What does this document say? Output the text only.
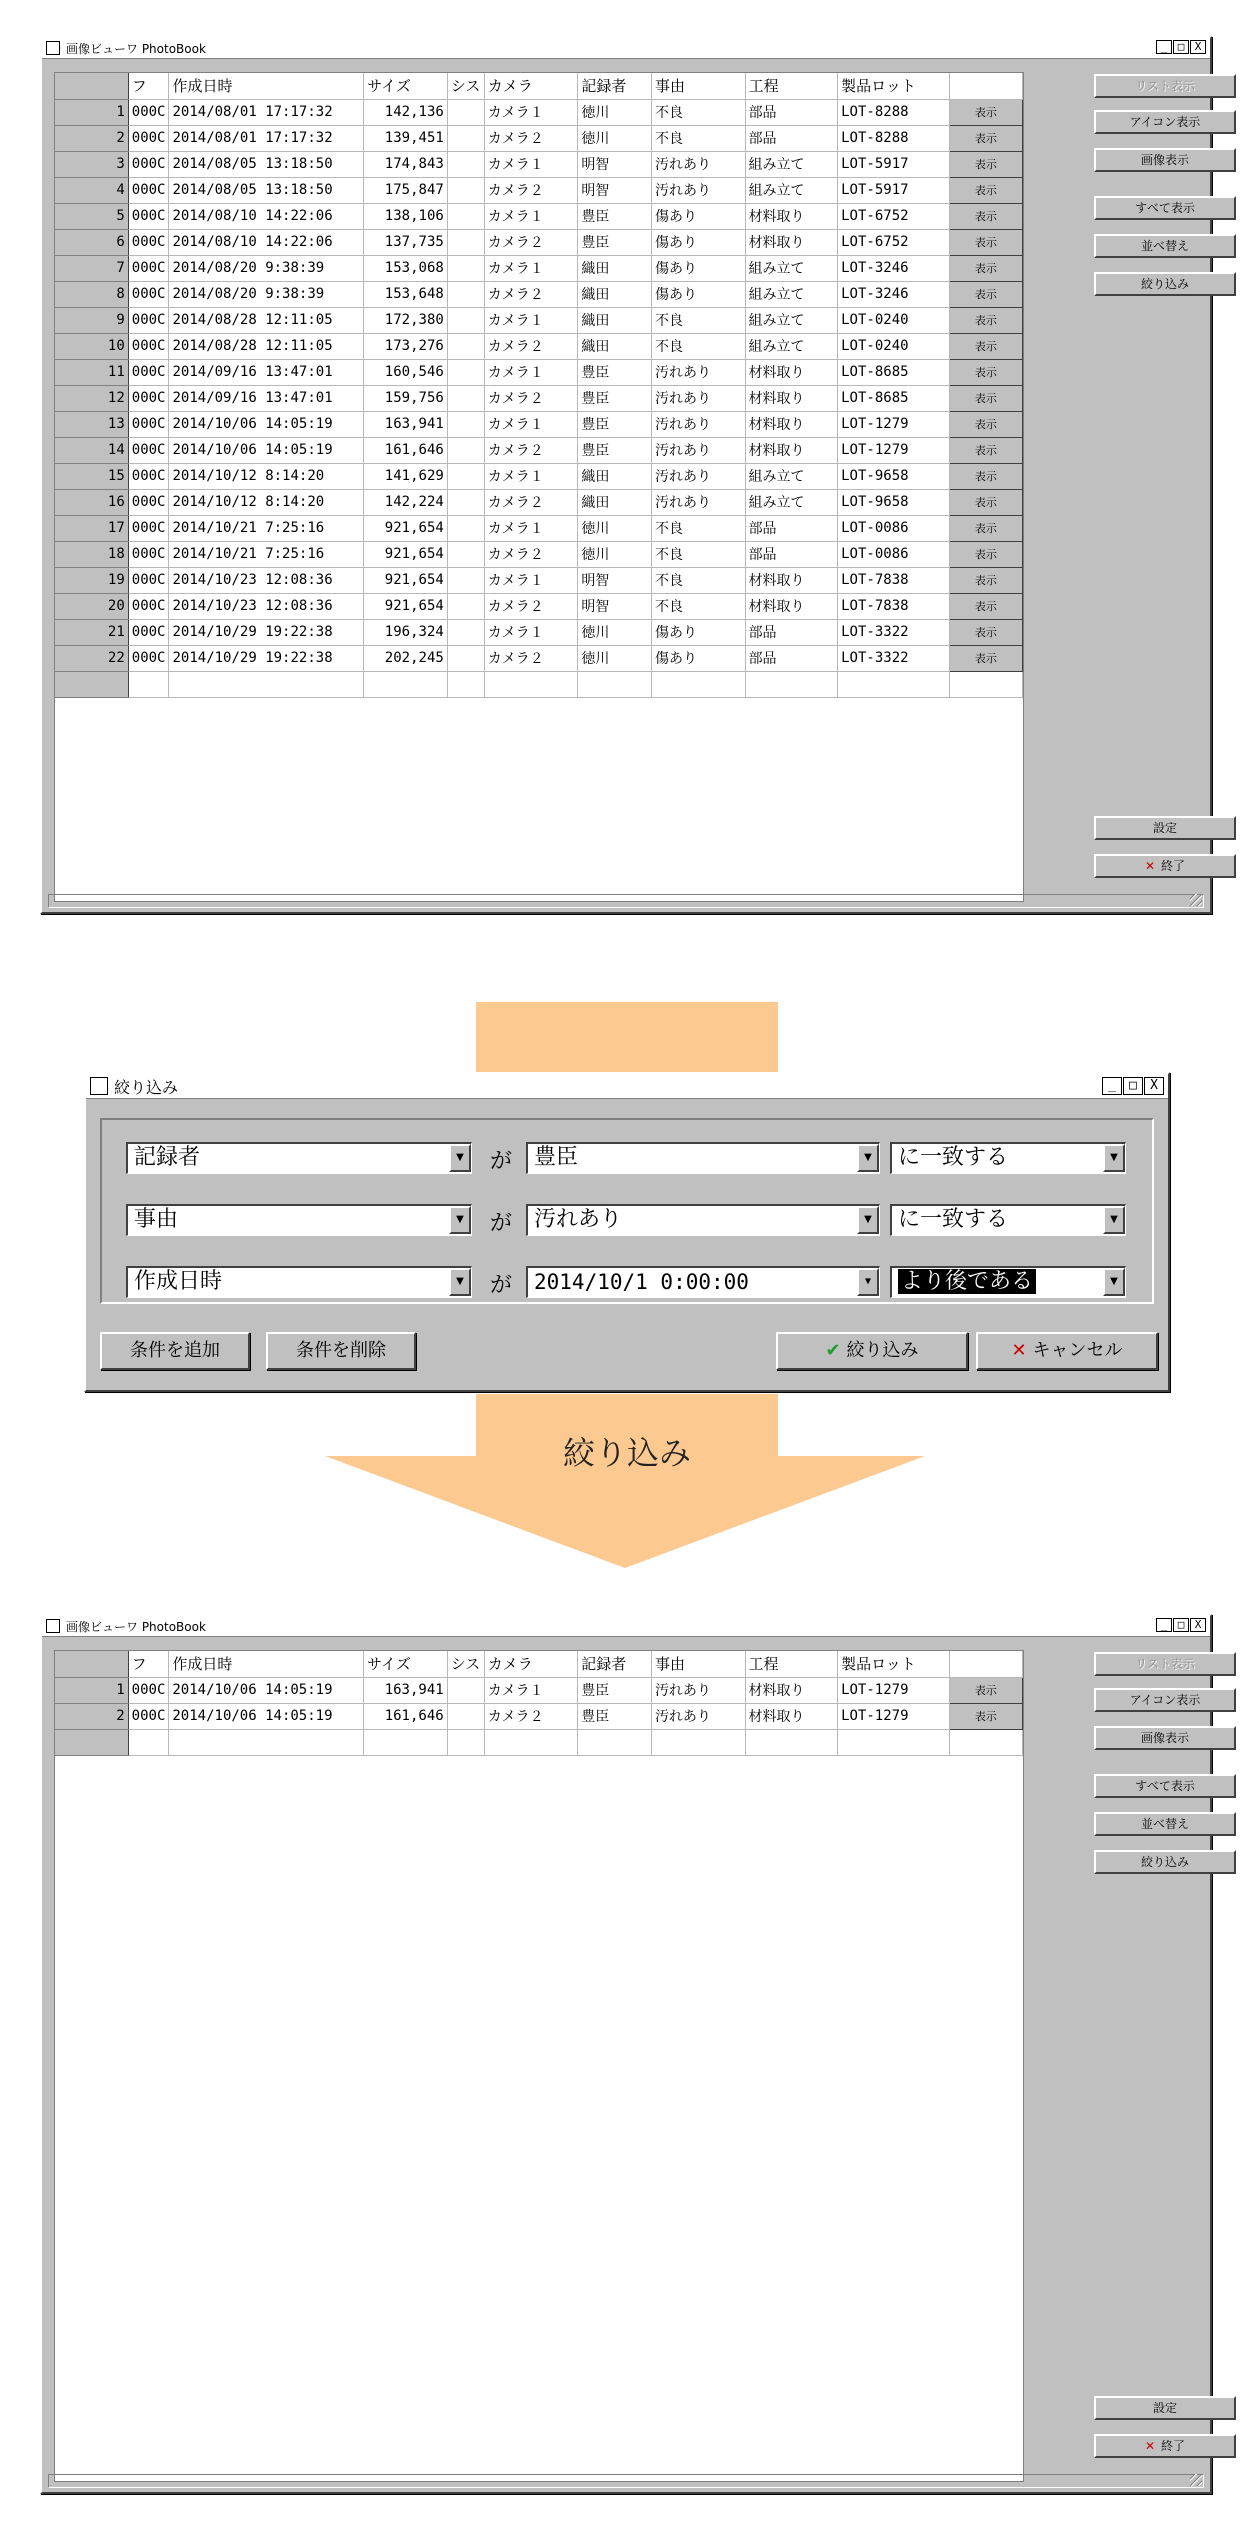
画像ビューワ PhotoBook	_ □ X
	フ	作成日時	サイズ	シス	カメラ	記録者	事由	工程	製品ロット	
1	000C	2014/08/01 17:17:32	142,136		カメラ１	徳川	不良	部品	LOT-8288	表示
2	000C	2014/08/01 17:17:32	139,451		カメラ２	徳川	不良	部品	LOT-8288	表示
3	000C	2014/08/05 13:18:50	174,843		カメラ１	明智	汚れあり	組み立て	LOT-5917	表示
4	000C	2014/08/05 13:18:50	175,847		カメラ２	明智	汚れあり	組み立て	LOT-5917	表示
5	000C	2014/08/10 14:22:06	138,106		カメラ１	豊臣	傷あり	材料取り	LOT-6752	表示
6	000C	2014/08/10 14:22:06	137,735		カメラ２	豊臣	傷あり	材料取り	LOT-6752	表示
7	000C	2014/08/20 9:38:39	153,068		カメラ１	織田	傷あり	組み立て	LOT-3246	表示
8	000C	2014/08/20 9:38:39	153,648		カメラ２	織田	傷あり	組み立て	LOT-3246	表示
9	000C	2014/08/28 12:11:05	172,380		カメラ１	織田	不良	組み立て	LOT-0240	表示
10	000C	2014/08/28 12:11:05	173,276		カメラ２	織田	不良	組み立て	LOT-0240	表示
11	000C	2014/09/16 13:47:01	160,546		カメラ１	豊臣	汚れあり	材料取り	LOT-8685	表示
12	000C	2014/09/16 13:47:01	159,756		カメラ２	豊臣	汚れあり	材料取り	LOT-8685	表示
13	000C	2014/10/06 14:05:19	163,941		カメラ１	豊臣	汚れあり	材料取り	LOT-1279	表示
14	000C	2014/10/06 14:05:19	161,646		カメラ２	豊臣	汚れあり	材料取り	LOT-1279	表示
15	000C	2014/10/12 8:14:20	141,629		カメラ１	織田	汚れあり	組み立て	LOT-9658	表示
16	000C	2014/10/12 8:14:20	142,224		カメラ２	織田	汚れあり	組み立て	LOT-9658	表示
17	000C	2014/10/21 7:25:16	921,654		カメラ１	徳川	不良	部品	LOT-0086	表示
18	000C	2014/10/21 7:25:16	921,654		カメラ２	徳川	不良	部品	LOT-0086	表示
19	000C	2014/10/23 12:08:36	921,654		カメラ１	明智	不良	材料取り	LOT-7838	表示
20	000C	2014/10/23 12:08:36	921,654		カメラ２	明智	不良	材料取り	LOT-7838	表示
21	000C	2014/10/29 19:22:38	196,324		カメラ１	徳川	傷あり	部品	LOT-3322	表示
22	000C	2014/10/29 19:22:38	202,245		カメラ２	徳川	傷あり	部品	LOT-3322	表示

リスト表示
アイコン表示
画像表示
すべて表示
並べ替え
絞り込み
設定
✕ 終了
絞り込み	_	□	X
記録者	▼	が 豊臣	▼	に一致する	▼
事由	▼	が 汚れあり	▼	に一致する	▼
作成日時	▼	が	2014/10/1 0:00:00	▼	より後である	▼
条件を追加	条件を削除	✔ 絞り込み	✕ キャンセル
絞り込み
画像ビューワ PhotoBook	_ □ X
	フ	作成日時	サイズ	シス	カメラ	記録者	事由	工程	製品ロット	
1	000C	2014/10/06 14:05:19	163,941		カメラ１	豊臣	汚れあり	材料取り	LOT-1279	表示
2	000C	2014/10/06 14:05:19	161,646		カメラ２	豊臣	汚れあり	材料取り	LOT-1279	表示

リスト表示
アイコン表示
画像表示
すべて表示
並べ替え
絞り込み
設定
✕ 終了
